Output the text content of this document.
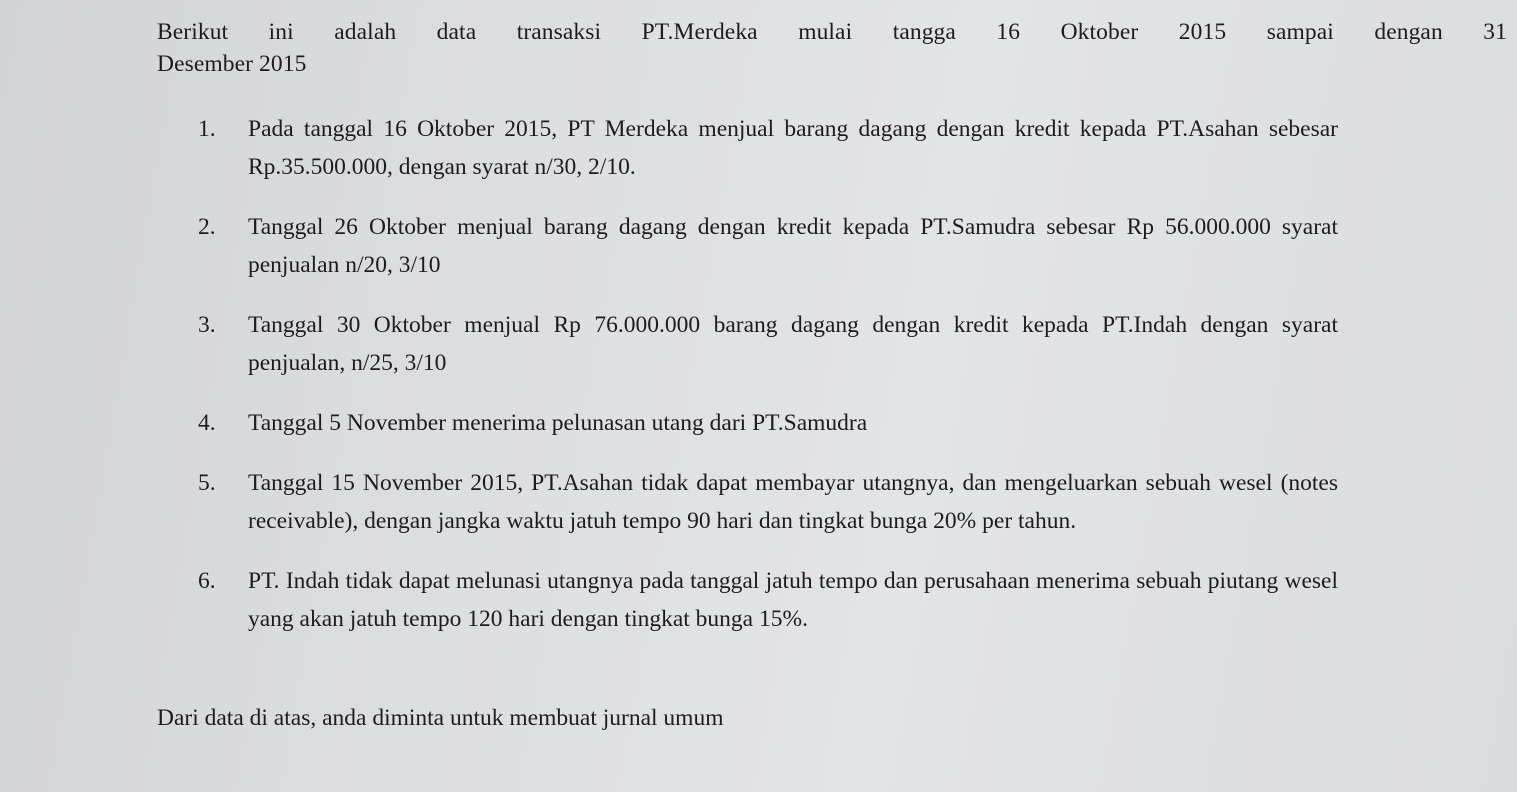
Berikut ini adalah data transaksi PT.Merdeka mulai tangga 16 Oktober 2015 sampai dengan 31
Desember 2015
1. Pada tanggal 16 Oktober 2015, PT Merdeka menjual barang dagang dengan kredit kepada PT.Asahan sebesar Rp.35.500.000, dengan syarat n/30, 2/10.
2. Tanggal 26 Oktober menjual barang dagang dengan kredit kepada PT.Samudra sebesar Rp 56.000.000 syarat penjualan n/20, 3/10
3. Tanggal 30 Oktober menjual Rp 76.000.000 barang dagang dengan kredit kepada PT.Indah dengan syarat penjualan, n/25, 3/10
4. Tanggal 5 November menerima pelunasan utang dari PT.Samudra
5. Tanggal 15 November 2015, PT.Asahan tidak dapat membayar utangnya, dan mengeluarkan sebuah wesel (notes receivable), dengan jangka waktu jatuh tempo 90 hari dan tingkat bunga 20% per tahun.
6. PT. Indah tidak dapat melunasi utangnya pada tanggal jatuh tempo dan perusahaan menerima sebuah piutang wesel yang akan jatuh tempo 120 hari dengan tingkat bunga 15%.
Dari data di atas, anda diminta untuk membuat jurnal umum
